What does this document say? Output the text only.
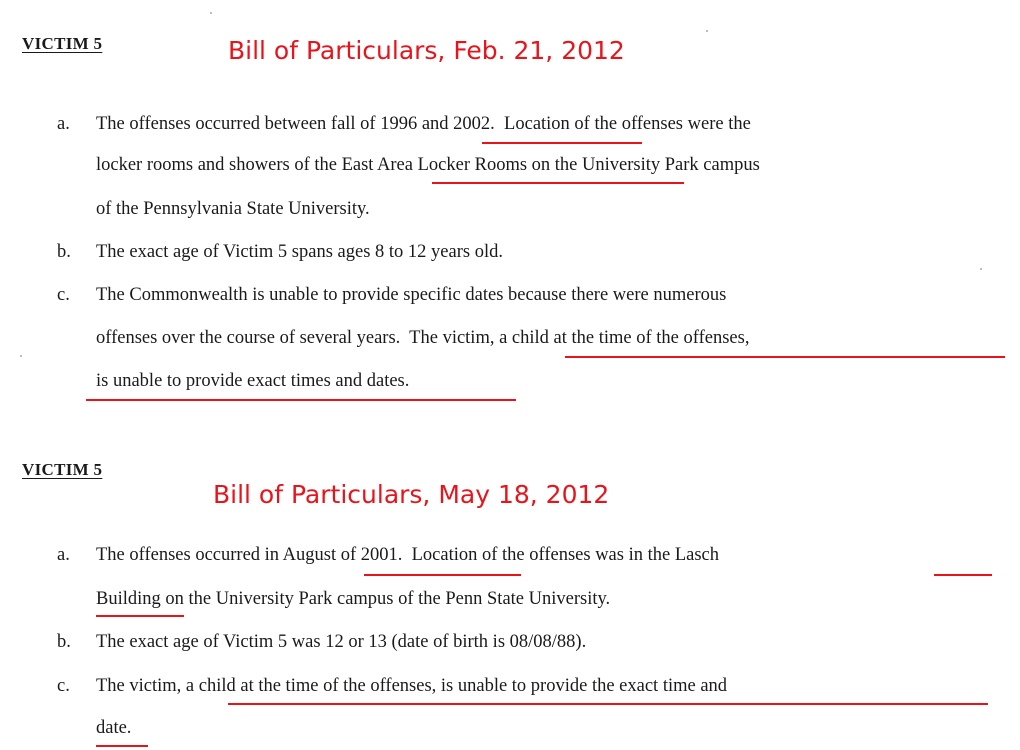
VICTIM 5	Bill of Particulars, Feb. 21, 2012
a. The offenses occurred between fall of 1996 and 2002.  Location of the offenses were the
locker rooms and showers of the East Area Locker Rooms on the University Park campus
of the Pennsylvania State University.
b. The exact age of Victim 5 spans ages 8 to 12 years old.
c. The Commonwealth is unable to provide specific dates because there were numerous
offenses over the course of several years.  The victim, a child at the time of the offenses,
is unable to provide exact times and dates.
VICTIM 5
Bill of Particulars, May 18, 2012
a. The offenses occurred in August of 2001.  Location of the offenses was in the Lasch
Building on the University Park campus of the Penn State University.
b. The exact age of Victim 5 was 12 or 13 (date of birth is 08/08/88).
c. The victim, a child at the time of the offenses, is unable to provide the exact time and
date.
